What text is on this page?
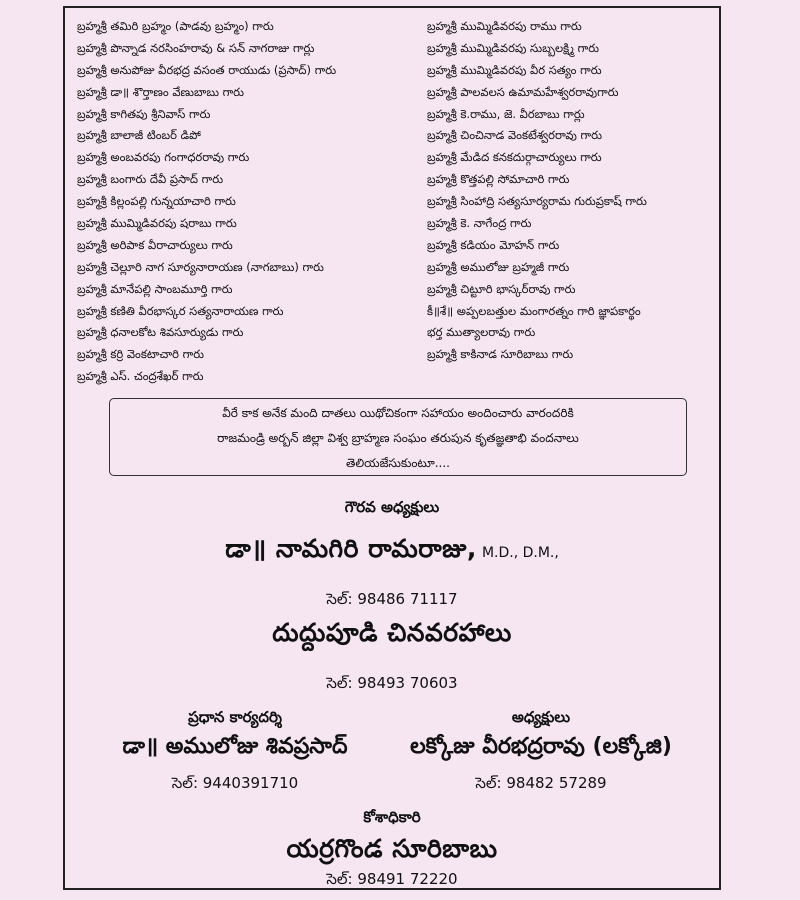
బ్రహ్మశ్రీ తమిరి బ్రహ్మం (పాడవు బ్రహ్మం) గారు
బ్రహ్మశ్రీ పొన్నాడ నరసింహరావు & సన్ నాగరాజు గార్లు
బ్రహ్మశ్రీ అనుపోజు వీరభద్ర వసంత రాయుడు (ప్రసాద్) గారు
బ్రహ్మశ్రీ డా॥ శొర్తాణం వేణుబాబు గారు
బ్రహ్మశ్రీ కాగితపు శ్రీనివాస్ గారు
బ్రహ్మశ్రీ బాలాజీ టింబర్ డిపో
బ్రహ్మశ్రీ అంబవరపు గంగాధరరావు గారు
బ్రహ్మశ్రీ బంగారు దేవీ ప్రసాద్ గారు
బ్రహ్మశ్రీ కిల్లంపల్లి గున్నయాచారి గారు
బ్రహ్మశ్రీ ముమ్మిడివరపు షరాబు గారు
బ్రహ్మశ్రీ అరిపాక వీరాచార్యులు గారు
బ్రహ్మశ్రీ చెల్లూరి నాగ సూర్యనారాయణ (నాగబాబు) గారు
బ్రహ్మశ్రీ మానేపల్లి సాంబమూర్తి గారు
బ్రహ్మశ్రీ కణితి వీరభాస్కర సత్యనారాయణ గారు
బ్రహ్మశ్రీ ధనాలకోట శివసూర్యుడు గారు
బ్రహ్మశ్రీ కర్రి వెంకటాచారి గారు
బ్రహ్మశ్రీ ఎస్. చంద్రశేఖర్ గారు
బ్రహ్మశ్రీ ముమ్మిడివరపు రాము గారు
బ్రహ్మశ్రీ ముమ్మిడివరపు సుబ్బలక్ష్మి గారు
బ్రహ్మశ్రీ ముమ్మిడివరపు వీర సత్యం గారు
బ్రహ్మశ్రీ పాలవలస ఉమామహేశ్వరరావుగారు
బ్రహ్మశ్రీ కె.రాము, జె. వీరబాబు గార్లు
బ్రహ్మశ్రీ చించినాడ వెంకటేశ్వరరావు గారు
బ్రహ్మశ్రీ మేడిద కనకదుర్గాచార్యులు గారు
బ్రహ్మశ్రీ కొత్తపల్లి సోమాచారి గారు
బ్రహ్మశ్రీ సింహాద్రి సత్యసూర్యరామ గురుప్రకాష్ గారు
బ్రహ్మశ్రీ కె. నాగేంద్ర గారు
బ్రహ్మశ్రీ కడియం మోహన్ గారు
బ్రహ్మశ్రీ అములోజు బ్రహ్మజీ గారు
బ్రహ్మశ్రీ చిట్టూరి భాస్కర్‌రావు గారు
కీ॥శే॥ అప్పలబత్తుల మంగారత్నం గారి జ్ఞాపకార్థం
భర్త ముత్యాలరావు గారు
బ్రహ్మశ్రీ కాకినాడ సూరిబాబు గారు
వీరే కాక అనేక మంది దాతలు యిథోచికంగా సహాయం అందించారు వారందరికి
రాజమండ్రి అర్బన్ జిల్లా విశ్వ బ్రాహ్మణ సంఘం తరుపున కృతజ్ఞతాభి వందనాలు
తెలియజేసుకుంటూ....
గౌరవ అధ్యక్షులు
డా॥ నామగిరి రామరాజు, M.D., D.M.,
సెల్: 98486 71117
దుద్దుపూడి చినవరహాలు
సెల్: 98493 70603
ప్రధాన కార్యదర్శి
డా॥ అములోజు శివప్రసాద్
సెల్: 9440391710
అధ్యక్షులు
లక్కోజు వీరభద్రరావు (లక్కోజి)
సెల్: 98482 57289
కోశాధికారి
యర్రగొండ సూరిబాబు
సెల్: 98491 72220
